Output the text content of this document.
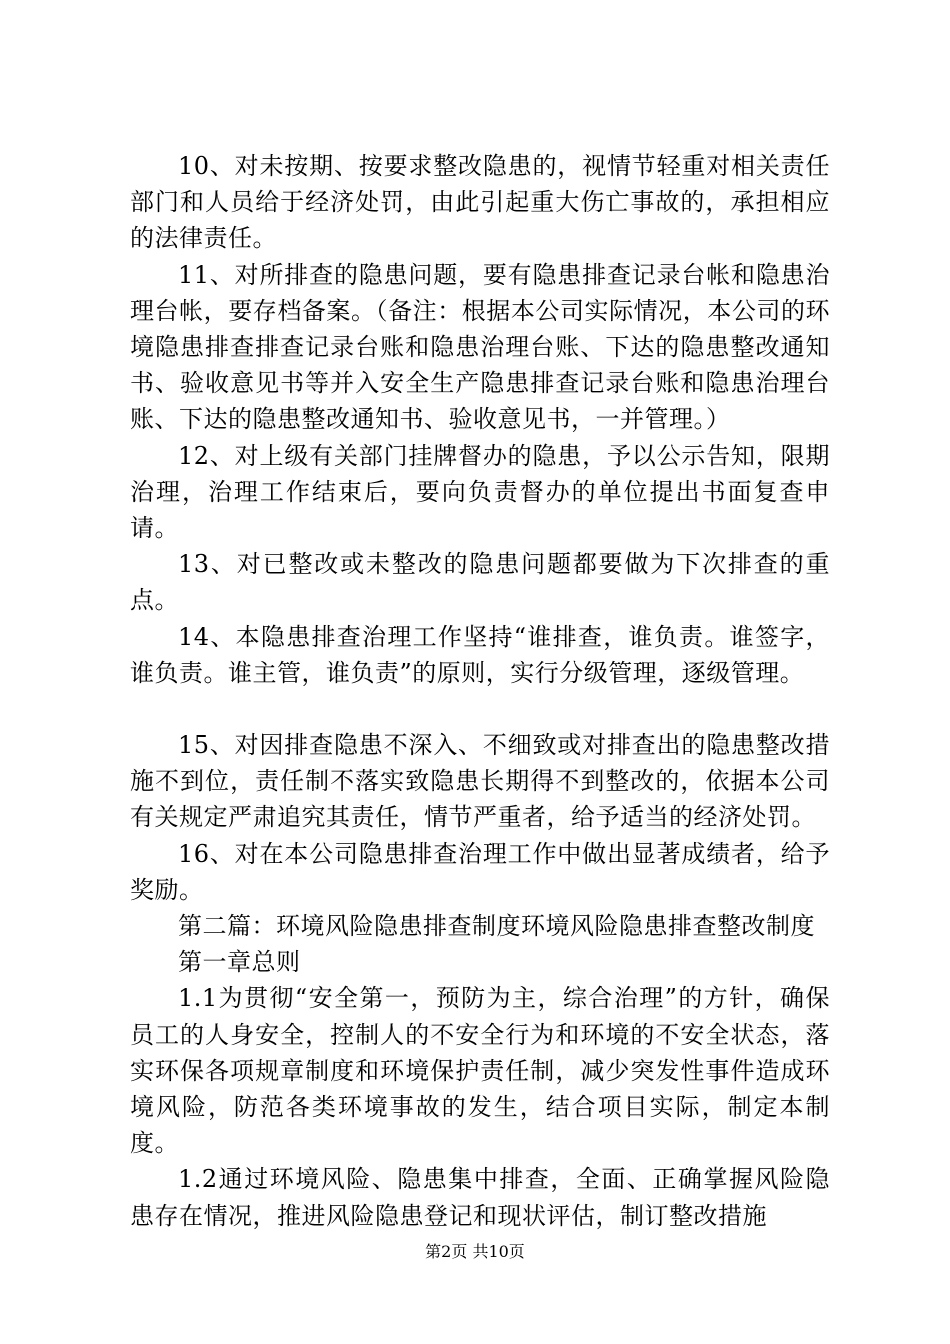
10、对未按期、按要求整改隐患的，视情节轻重对相关责任部门和人员给于经济处罚，由此引起重大伤亡事故的，承担相应的法律责任。

11、对所排查的隐患问题，要有隐患排查记录台帐和隐患治理台帐，要存档备案。（备注：根据本公司实际情况，本公司的环境隐患排查排查记录台账和隐患治理台账、下达的隐患整改通知书、验收意见书等并入安全生产隐患排查记录台账和隐患治理台账、下达的隐患整改通知书、验收意见书，一并管理。）

12、对上级有关部门挂牌督办的隐患，予以公示告知，限期治理，治理工作结束后，要向负责督办的单位提出书面复查申请。

13、对已整改或未整改的隐患问题都要做为下次排查的重点。

14、本隐患排查治理工作坚持“谁排查，谁负责。谁签字，谁负责。谁主管，谁负责”的原则，实行分级管理，逐级管理。

15、对因排查隐患不深入、不细致或对排查出的隐患整改措施不到位，责任制不落实致隐患长期得不到整改的，依据本公司有关规定严肃追究其责任，情节严重者，给予适当的经济处罚。

16、对在本公司隐患排查治理工作中做出显著成绩者，给予奖励。

第二篇：环境风险隐患排查制度环境风险隐患排查整改制度

第一章总则

1.1为贯彻“安全第一，预防为主，综合治理”的方针，确保员工的人身安全，控制人的不安全行为和环境的不安全状态，落实环保各项规章制度和环境保护责任制，减少突发性事件造成环境风险，防范各类环境事故的发生，结合项目实际，制定本制度。

1.2通过环境风险、隐患集中排查，全面、正确掌握风险隐患存在情况，推进风险隐患登记和现状评估，制订整改措施

第2页 共10页
